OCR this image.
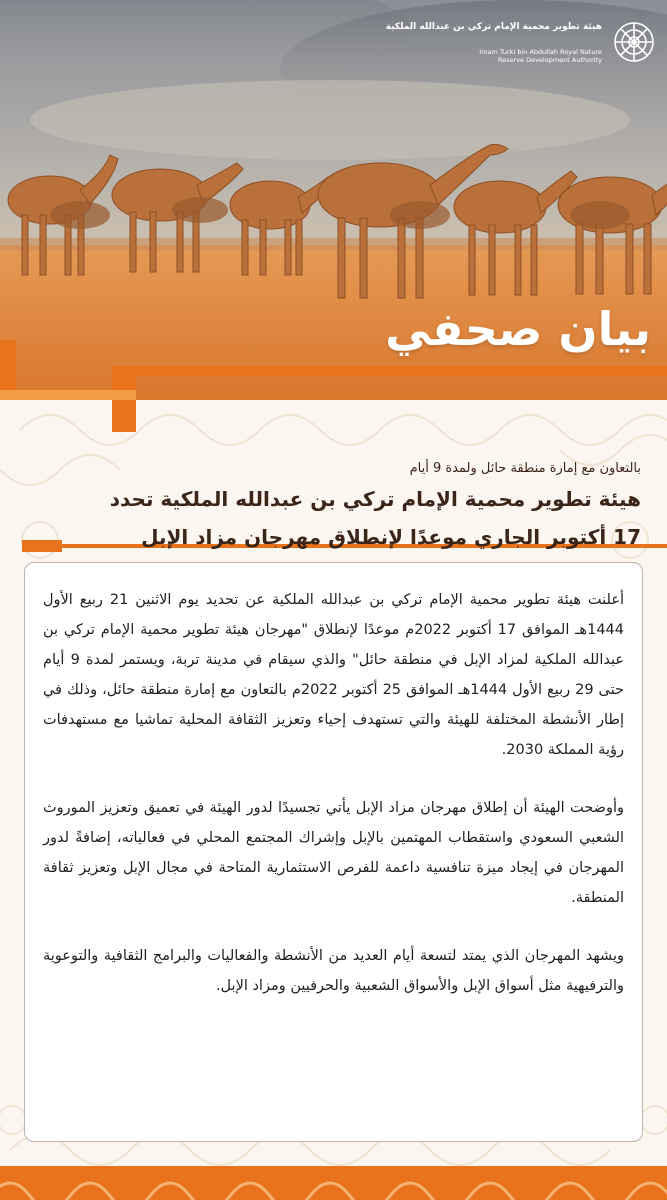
هيئة تطوير محمية الإمام تركي بن عبدالله الملكية
Imam Turki bin Abdullah Royal Nature
Reserve Development Authority
بيان صحفي
بالتعاون مع إمارة منطقة حائل ولمدة 9 أيام
هيئة تطوير محمية الإمام تركي بن عبدالله الملكية تحدد
17 أكتوبر الجاري موعدًا لإنطلاق مهرجان مزاد الإبل

أعلنت هيئة تطوير محمية الإمام تركي بن عبدالله الملكية عن تحديد يوم الاثنين 21 ربيع الأول 1444هـ الموافق 17 أكتوبر 2022م موعدًا لإنطلاق "مهرجان هيئة تطوير محمية الإمام تركي بن عبدالله الملكية لمزاد الإبل في منطقة حائل" والذي سيقام في مدينة تربة، ويستمر لمدة 9 أيام حتى 29 ربيع الأول 1444هـ الموافق 25 أكتوبر 2022م بالتعاون مع إمارة منطقة حائل، وذلك في إطار الأنشطة المختلفة للهيئة والتي تستهدف إحياء وتعزيز الثقافة المحلية تماشيا مع مستهدفات رؤية المملكة 2030.

وأوضحت الهيئة أن إطلاق مهرجان مزاد الإبل يأتي تجسيدًا لدور الهيئة في تعميق وتعزيز الموروث الشعبي السعودي واستقطاب المهتمين بالإبل وإشراك المجتمع المحلي في فعالياته، إضافةً لدور المهرجان في إيجاد ميزة تنافسية داعمة للفرص الاستثمارية المتاحة في مجال الإبل وتعزيز ثقافة المنطقة.

ويشهد المهرجان الذي يمتد لتسعة أيام العديد من الأنشطة والفعاليات والبرامج الثقافية والتوعوية والترفيهية مثل أسواق الإبل والأسواق الشعبية والحرفيين ومزاد الإبل.
